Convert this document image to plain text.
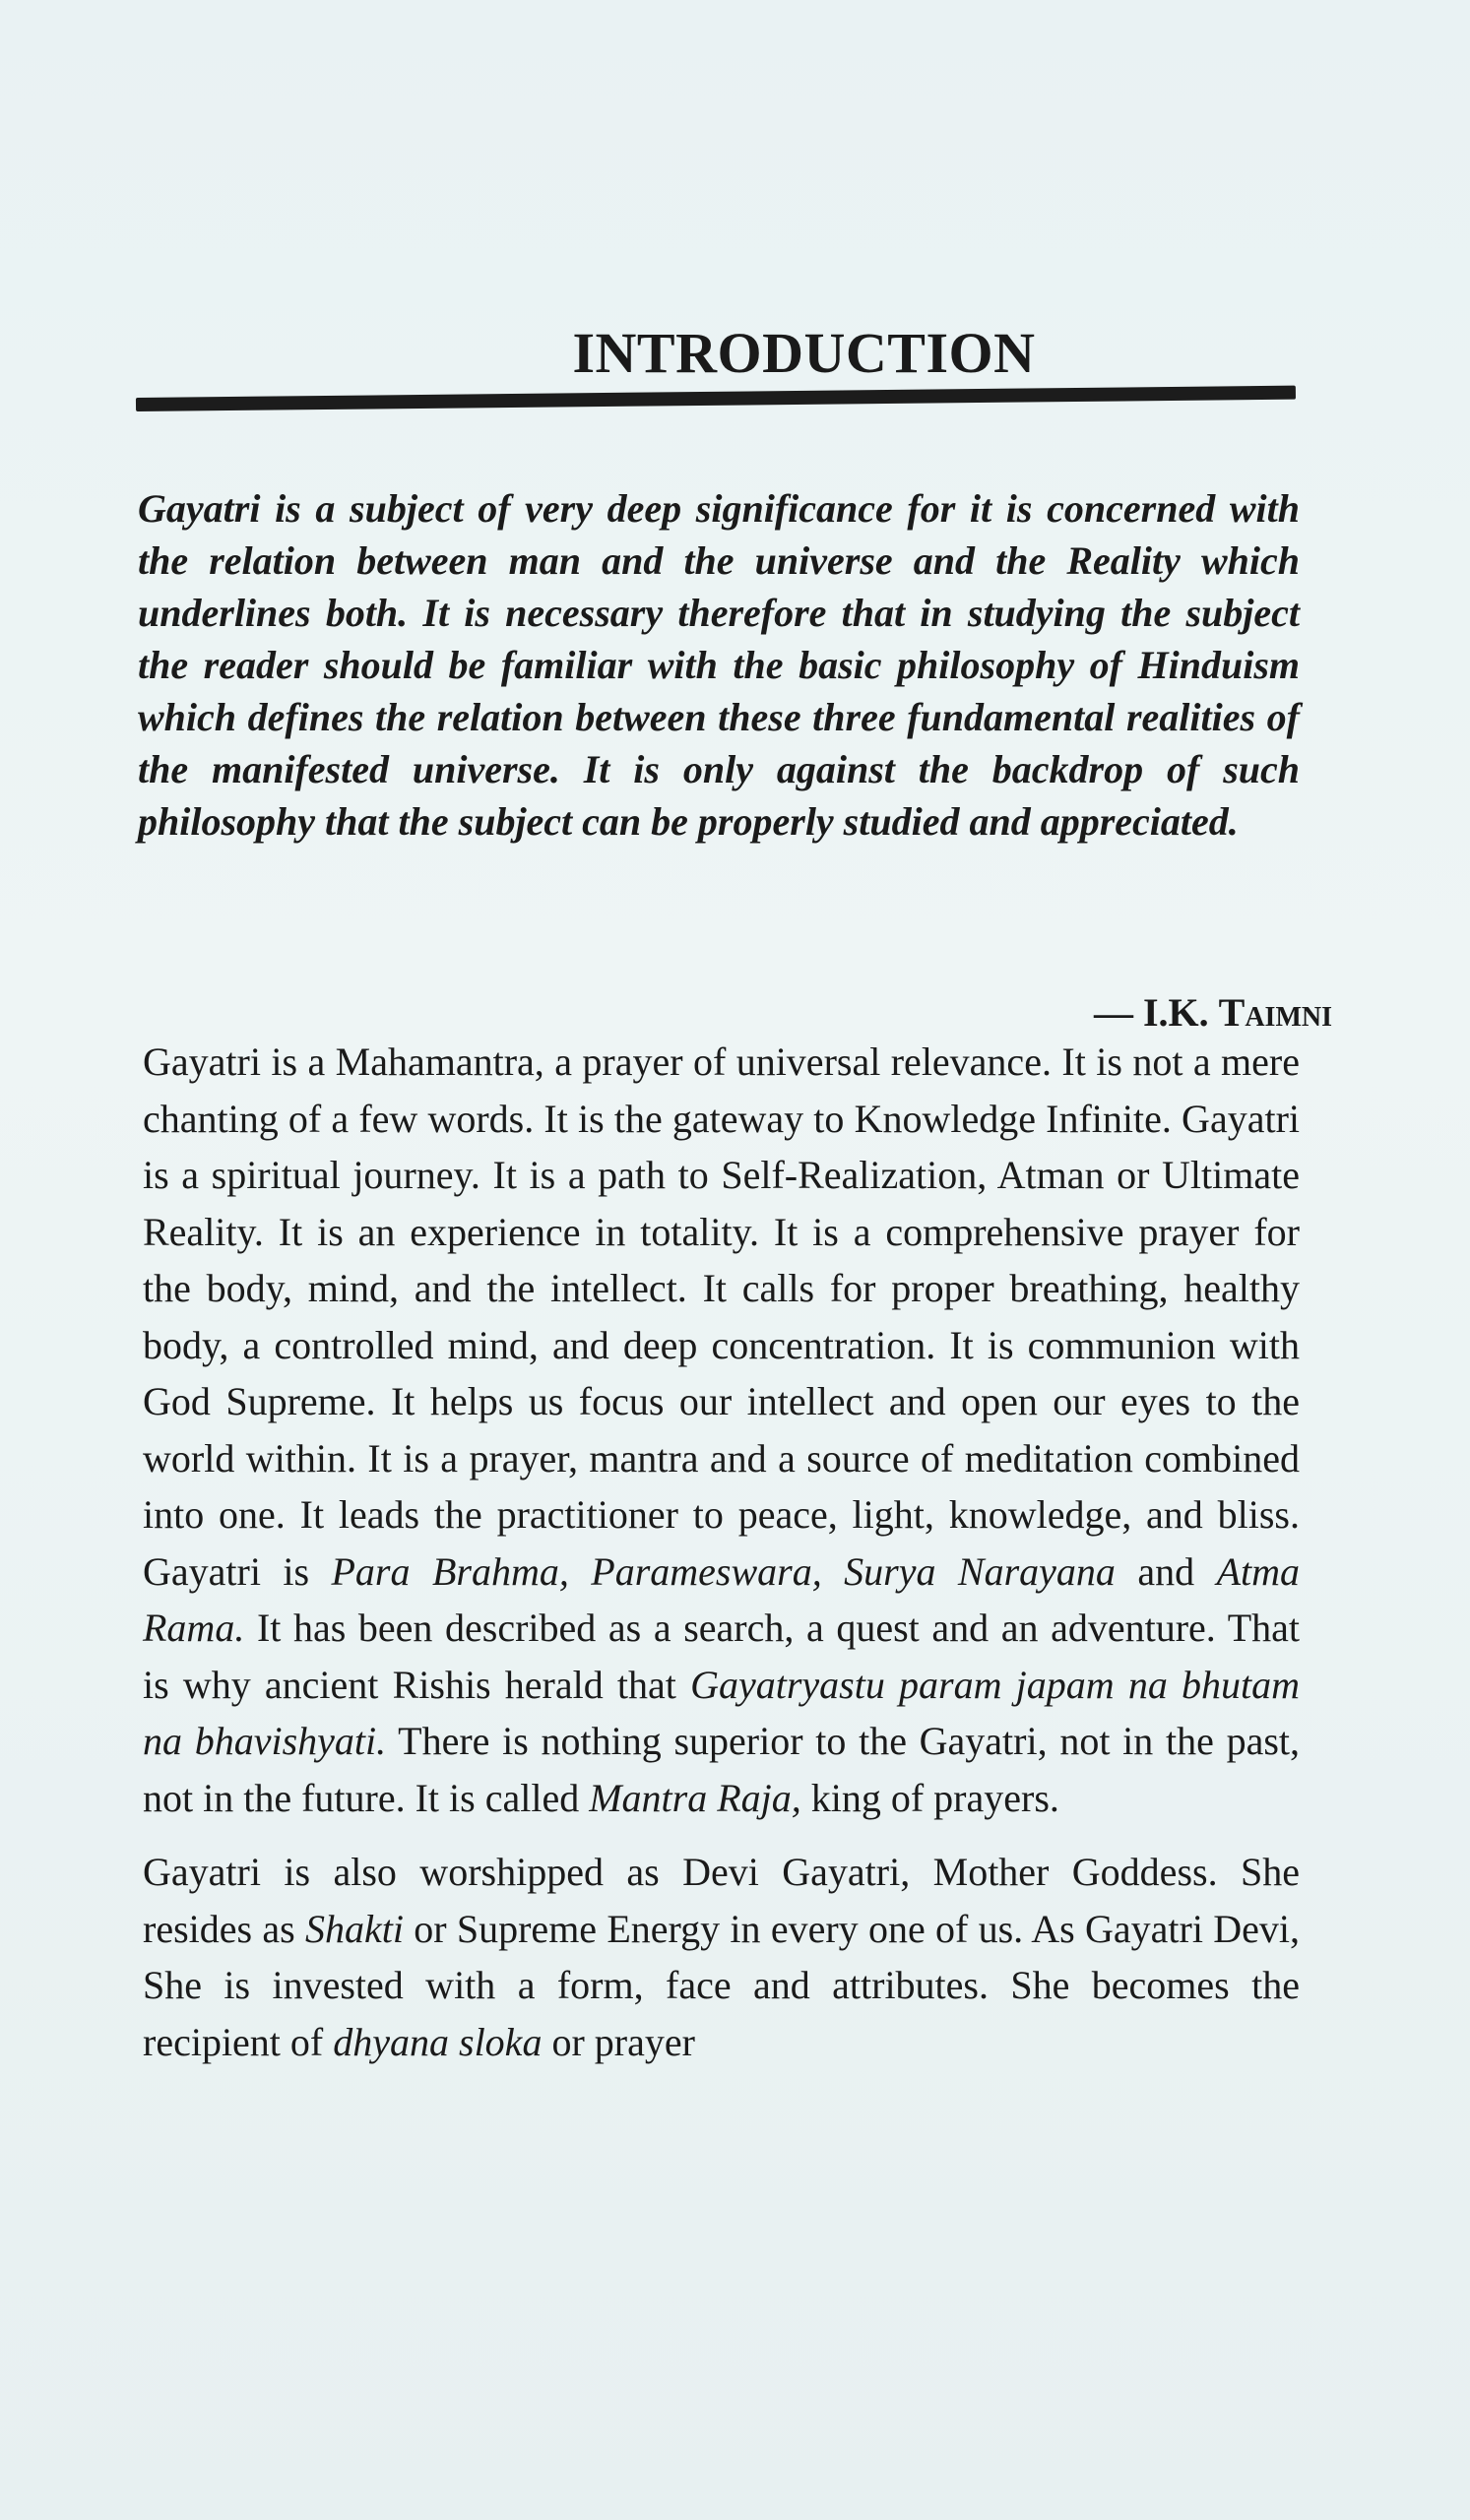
INTRODUCTION
Gayatri is a subject of very deep significance for it is concerned with the relation between man and the universe and the Reality which underlines both. It is necessary therefore that in studying the subject the reader should be familiar with the basic philosophy of Hinduism which defines the relation between these three fundamental realities of the manifested universe. It is only against the backdrop of such philosophy that the subject can be properly studied and appreciated.
— I.K. Taimni

Gayatri is a Mahamantra, a prayer of universal relevance. It is not a mere chanting of a few words. It is the gateway to Knowledge Infinite. Gayatri is a spiritual journey. It is a path to Self-Realization, Atman or Ultimate Reality. It is an experience in totality. It is a comprehensive prayer for the body, mind, and the intellect. It calls for proper breathing, healthy body, a controlled mind, and deep concentration. It is communion with God Supreme. It helps us focus our intellect and open our eyes to the world within. It is a prayer, mantra and a source of meditation combined into one. It leads the practitioner to peace, light, knowledge, and bliss. Gayatri is Para Brahma, Parameswara, Surya Narayana and Atma Rama. It has been described as a search, a quest and an adventure. That is why ancient Rishis herald that Gayatryastu param japam na bhutam na bhavishyati. There is nothing superior to the Gayatri, not in the past, not in the future. It is called Mantra Raja, king of prayers.

Gayatri is also worshipped as Devi Gayatri, Mother Goddess. She resides as Shakti or Supreme Energy in every one of us. As Gayatri Devi, She is invested with a form, face and attributes. She becomes the recipient of dhyana sloka or prayer
